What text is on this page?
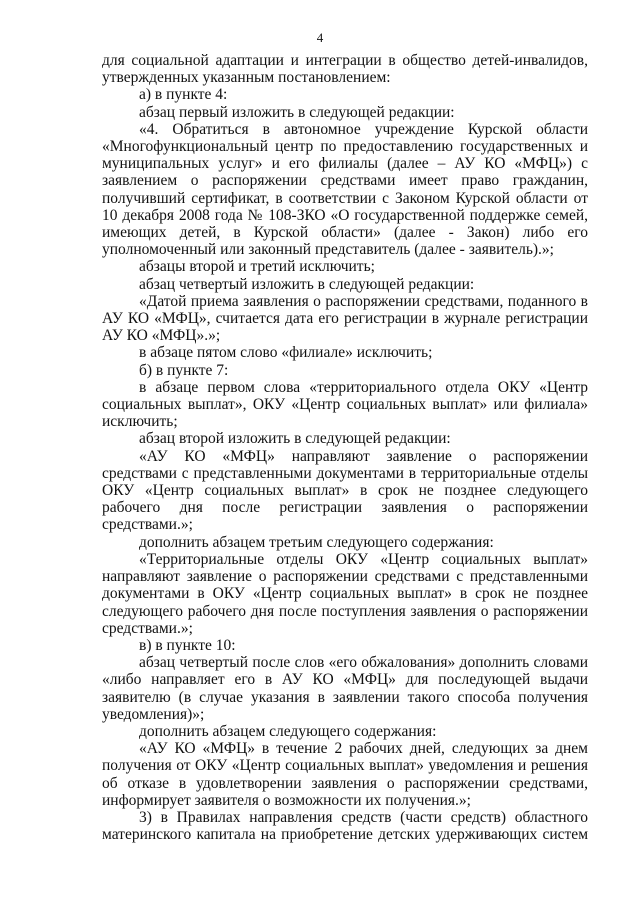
4

для социальной адаптации и интеграции в общество детей-инвалидов, утвержденных указанным постановлением:

а) в пункте 4:

абзац первый изложить в следующей редакции:

«4. Обратиться в автономное учреждение Курской области «Многофункциональный центр по предоставлению государственных и муниципальных услуг» и его филиалы (далее – АУ КО «МФЦ») с заявлением о распоряжении средствами имеет право гражданин, получивший сертификат, в соответствии с Законом Курской области от 10 декабря 2008 года № 108-ЗКО «О государственной поддержке семей, имеющих детей, в Курской области» (далее - Закон) либо его уполномоченный или законный представитель (далее - заявитель).»;

абзацы второй и третий исключить;

абзац четвертый изложить в следующей редакции:

«Датой приема заявления о распоряжении средствами, поданного в АУ КО «МФЦ», считается дата его регистрации в журнале регистрации АУ КО «МФЦ».»;

в абзаце пятом слово «филиале» исключить;

б) в пункте 7:

в абзаце первом слова «территориального отдела ОКУ «Центр социальных выплат», ОКУ «Центр социальных выплат» или филиала» исключить;

абзац второй изложить в следующей редакции:

«АУ КО «МФЦ» направляют заявление о распоряжении средствами с представленными документами в территориальные отделы ОКУ «Центр социальных выплат» в срок не позднее следующего рабочего дня после регистрации заявления о распоряжении средствами.»;

дополнить абзацем третьим следующего содержания:

«Территориальные отделы ОКУ «Центр социальных выплат» направляют заявление о распоряжении средствами с представленными документами в ОКУ «Центр социальных выплат» в срок не позднее следующего рабочего дня после поступления заявления о распоряжении средствами.»;

в) в пункте 10:

абзац четвертый после слов «его обжалования» дополнить словами «либо направляет его в АУ КО «МФЦ» для последующей выдачи заявителю (в случае указания в заявлении такого способа получения уведомления)»;

дополнить абзацем следующего содержания:

«АУ КО «МФЦ» в течение 2 рабочих дней, следующих за днем получения от ОКУ «Центр социальных выплат» уведомления и решения об отказе в удовлетворении заявления о распоряжении средствами, информирует заявителя о возможности их получения.»;

3) в Правилах направления средств (части средств) областного материнского капитала на приобретение детских удерживающих систем
